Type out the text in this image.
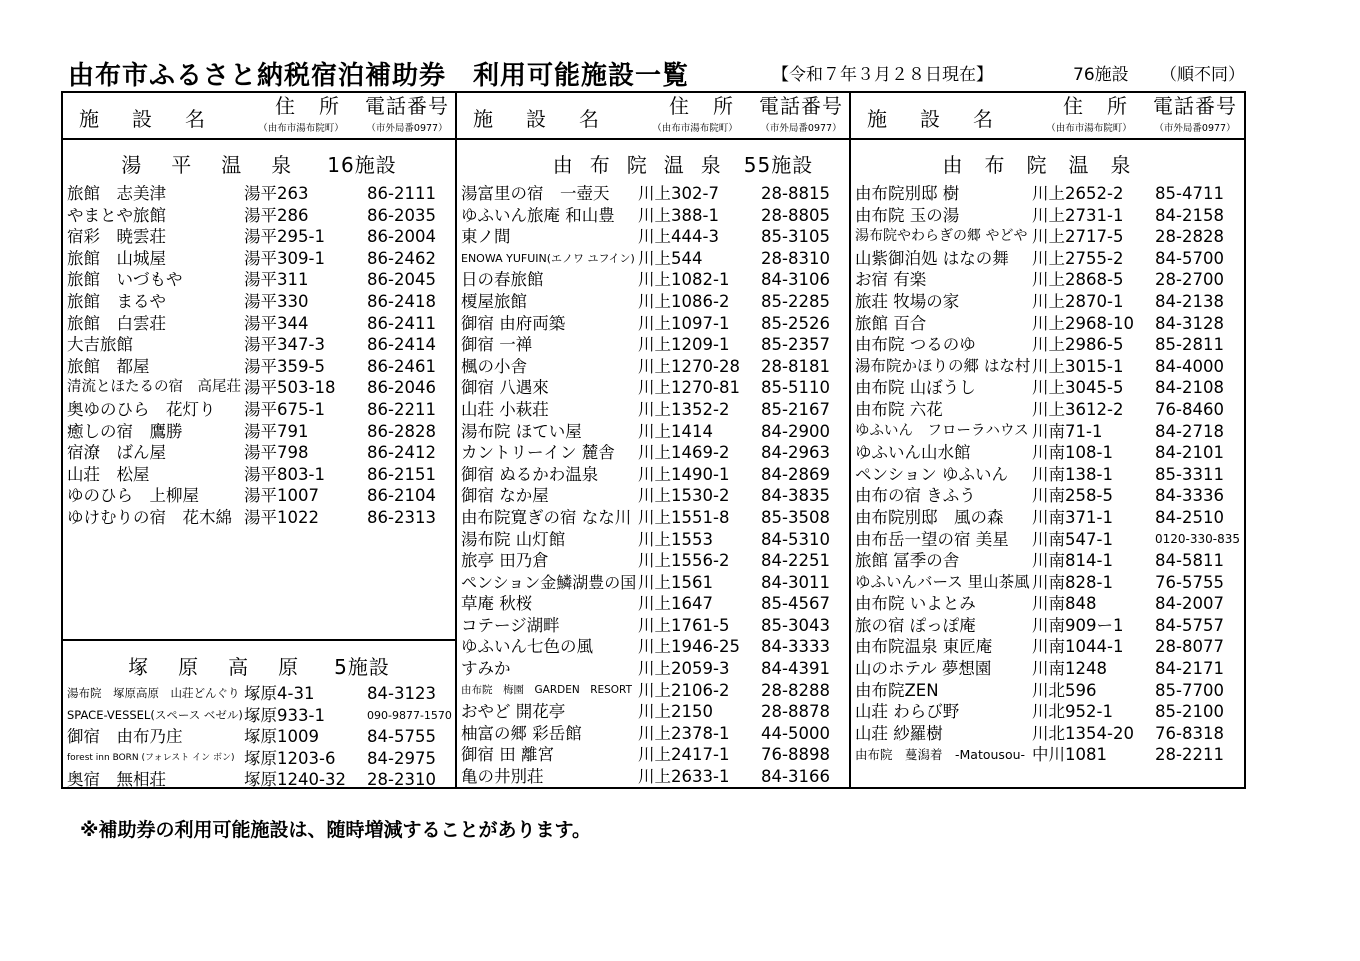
由布市ふるさと納税宿泊補助券　利用可能施設一覧	【令和７年３月２８日現在】	76施設 （順不同）
施設名
住所
（由布市湯布院町）
電話番号
（市外局番0977）
湯平温泉 16施設
旅館　志美津	湯平263	86-2111
やまとや旅館	湯平286	86-2035
宿彩　暁雲荘	湯平295-1	86-2004
旅館　山城屋	湯平309-1	86-2462
旅館　いづもや	湯平311	86-2045
旅館　まるや	湯平330	86-2418
旅館　白雲荘	湯平344	86-2411
大吉旅館	湯平347-3	86-2414
旅館　都屋	湯平359-5	86-2461
清流とほたるの宿　高尾荘 湯平503-18 86-2046
奥ゆのひら　花灯り 湯平675-1	86-2211
癒しの宿　鷹勝	湯平791	86-2828
宿潦　ばん屋	湯平798	86-2412
山荘　松屋	湯平803-1	86-2151
ゆのひら　上柳屋	湯平1007	86-2104
ゆけむりの宿　花木綿 湯平1022	86-2313
塚原高原 5施設
湯布院　塚原高原　山荘どんぐり 塚原4-31	84-3123
SPACE-VESSEL(スペース ベゼル) 塚原933-1	090-9877-1570
御宿　由布乃庄	塚原1009	84-5755
forest inn BORN (フォレスト イン ボン) 塚原1203-6 84-2975
奥宿　無相荘	塚原1240-32 28-2310
施設名
住所
（由布市湯布院町）
電話番号
（市外局番0977）
由布院温泉 55施設
湯富里の宿　一壺天 川上302-7	28-8815
ゆふいん旅庵 和山豊 川上388-1	28-8805
東ノ間	川上444-3	85-3105
ENOWA YUFUIN(エノワ ユフイン) 川上544	28-8310
日の春旅館	川上1082-1 84-3106
榎屋旅館	川上1086-2 85-2285
御宿 由府両築	川上1097-1 85-2526
御宿 一禅	川上1209-1 85-2357
楓の小舎	川上1270-28 28-8181
御宿 八遇來	川上1270-81 85-5110
山荘 小萩荘	川上1352-2 85-2167
湯布院 ほてい屋	川上1414	84-2900
カントリーイン 麓舎 川上1469-2 84-2963
御宿 ぬるかわ温泉 川上1490-1 84-2869
御宿 なか屋	川上1530-2 84-3835
由布院寛ぎの宿 なな川 川上1551-8 85-3508
湯布院 山灯館	川上1553	84-5310
旅亭 田乃倉	川上1556-2 84-2251
ペンション金鱗湖豊の国 川上1561	84-3011
草庵 秋桜	川上1647	85-4567
コテージ湖畔	川上1761-5 85-3043
ゆふいん七色の風	川上1946-25 84-3333
すみか	川上2059-3 84-4391
由布院　梅園　GARDEN　RESORT 川上2106-2 28-8288
おやど 開花亭	川上2150	28-8878
柚富の郷 彩岳館	川上2378-1 44-5000
御宿 田 離宮	川上2417-1 76-8898
亀の井別荘	川上2633-1 84-3166
施設名
住所
（由布市湯布院町）
電話番号
（市外局番0977）
由布院温泉
由布院別邸 樹	川上2652-2 85-4711
由布院 玉の湯	川上2731-1 84-2158
湯布院やわらぎの郷 やどや 川上2717-5 28-2828
山紫御泊処 はなの舞 川上2755-2 84-5700
お宿 有楽	川上2868-5 28-2700
旅荘 牧場の家	川上2870-1 84-2138
旅館 百合	川上2968-10 84-3128
由布院 つるのゆ	川上2986-5 85-2811
湯布院かほりの郷 はな村 川上3015-1 84-4000
由布院 山ぼうし	川上3045-5 84-2108
由布院 六花	川上3612-2 76-8460
ゆふいん　フローラハウス 川南71-1	84-2718
ゆふいん山水館	川南108-1	84-2101
ペンション ゆふいん 川南138-1	85-3311
由布の宿 きふう	川南258-5	84-3336
由布院別邸　風の森 川南371-1	84-2510
由布岳一望の宿 美星 川南547-1	0120-330-835
旅館 冨季の舎	川南814-1	84-5811
ゆふいんバース 里山茶風 川南828-1	76-5755
由布院 いよとみ	川南848	84-2007
旅の宿 ぽっぽ庵	川南909ー1 84-5757
由布院温泉 東匠庵 川南1044-1 28-8077
山のホテル 夢想園 川南1248	84-2171
由布院ZEN	川北596	85-7700
山荘 わらび野	川北952-1	85-2100
山荘 紗羅樹	川北1354-20 76-8318
由布院　蔓潟着　-Matousou- 中川1081	28-2211
※補助券の利用可能施設は、随時増減することがあります。
